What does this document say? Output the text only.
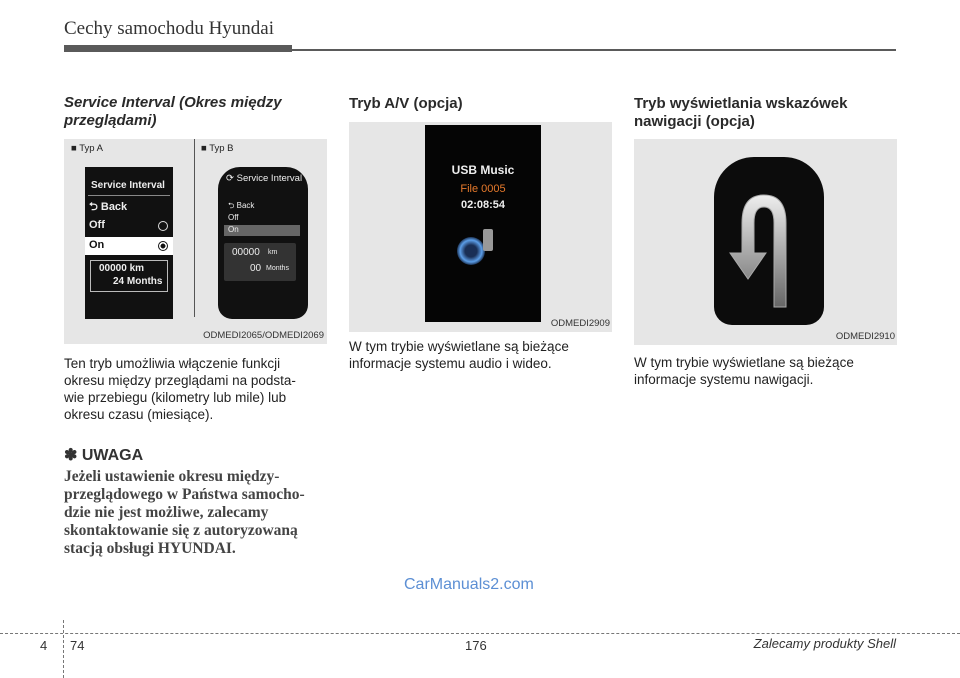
Cechy samochodu Hyundai
Service Interval (Okres między
przeglądami)
■ Typ A	■ Typ B
Service Interval
⮌ Back
Off
On
00000 km
24 Months
⟳ Service Interval
⮌ Back
Off
On
00000 km
00 Months
ODMEDI2065/ODMEDI2069
Ten tryb umożliwia włączenie funkcji
okresu między przeglądami na podsta-
wie przebiegu (kilometry lub mile) lub
okresu czasu (miesiące).
✽ UWAGA
Jeżeli ustawienie okresu między-
przeglądowego w Państwa samocho-
dzie nie jest możliwe, zalecamy
skontaktowanie się z autoryzowaną
stacją obsługi HYUNDAI.
Tryb A/V (opcja)
USB Music
File 0005
02:08:54
ODMEDI2909
W tym trybie wyświetlane są bieżące
informacje systemu audio i wideo.
Tryb wyświetlania wskazówek
nawigacji (opcja)
ODMEDI2910
W tym trybie wyświetlane są bieżące
informacje systemu nawigacji.
CarManuals2.com
4 74	176	Zalecamy produkty Shell
